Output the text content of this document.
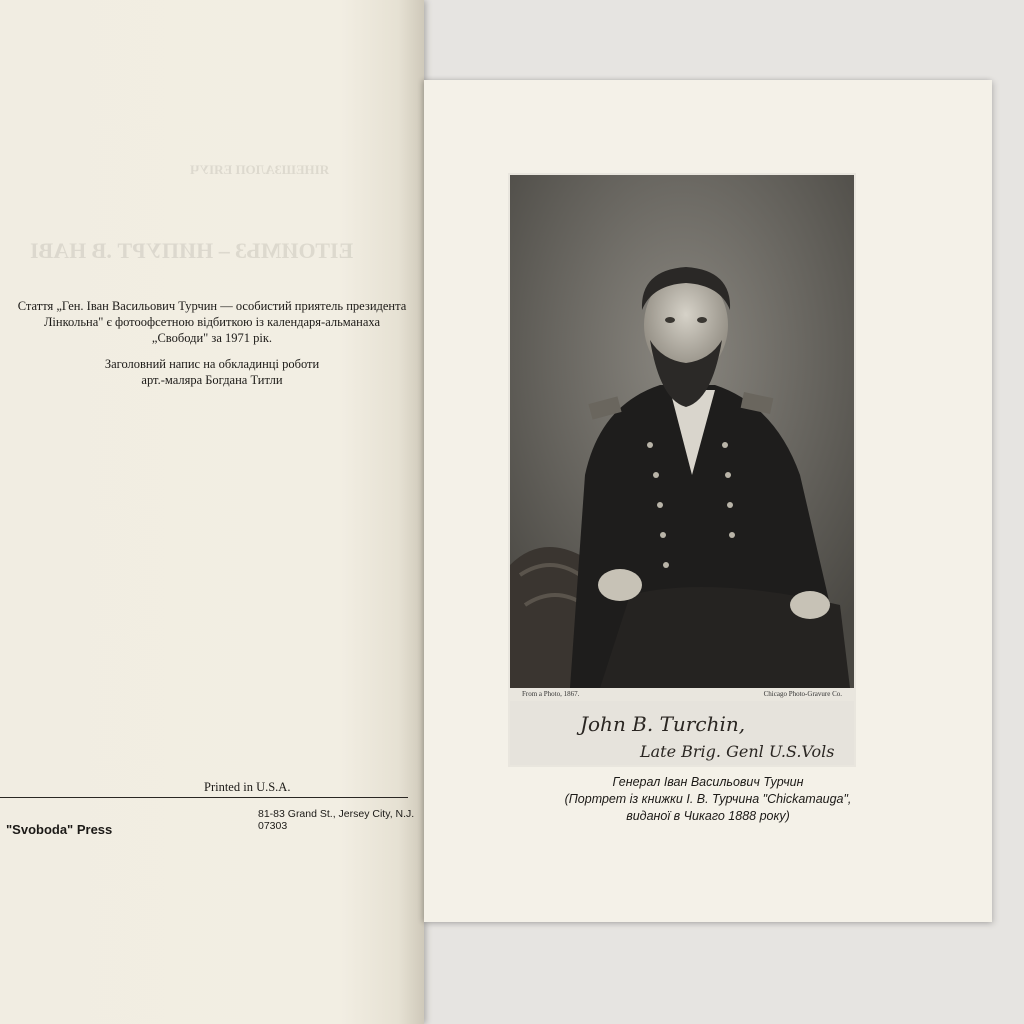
ЯІНЕШЗАЛОП ЕЯІУЧ
ЕІТОИМЬЗ – НИПУРТ .В НАВІ
Стаття „Ген. Іван Васильович Турчин — особистий приятель президента
Лінкольна" є фотоофсетною відбиткою із календаря-альманаха
„Свободи" за 1971 рік.
Заголовний напис на обкладинці роботи
арт.-маляра Богдана Титли
Printed in U.S.A.
81-83 Grand St., Jersey City, N.J. 07303
"Svoboda" Press
From a Photo, 1867.	Chicago Photo-Gravure Co.
John B. Turchin,
Late Brig. Genl U.S.Vols
Генерал Іван Васильович Турчин
(Портрет із книжки І. В. Турчина "Chickamauga",
виданої в Чикаго 1888 року)
